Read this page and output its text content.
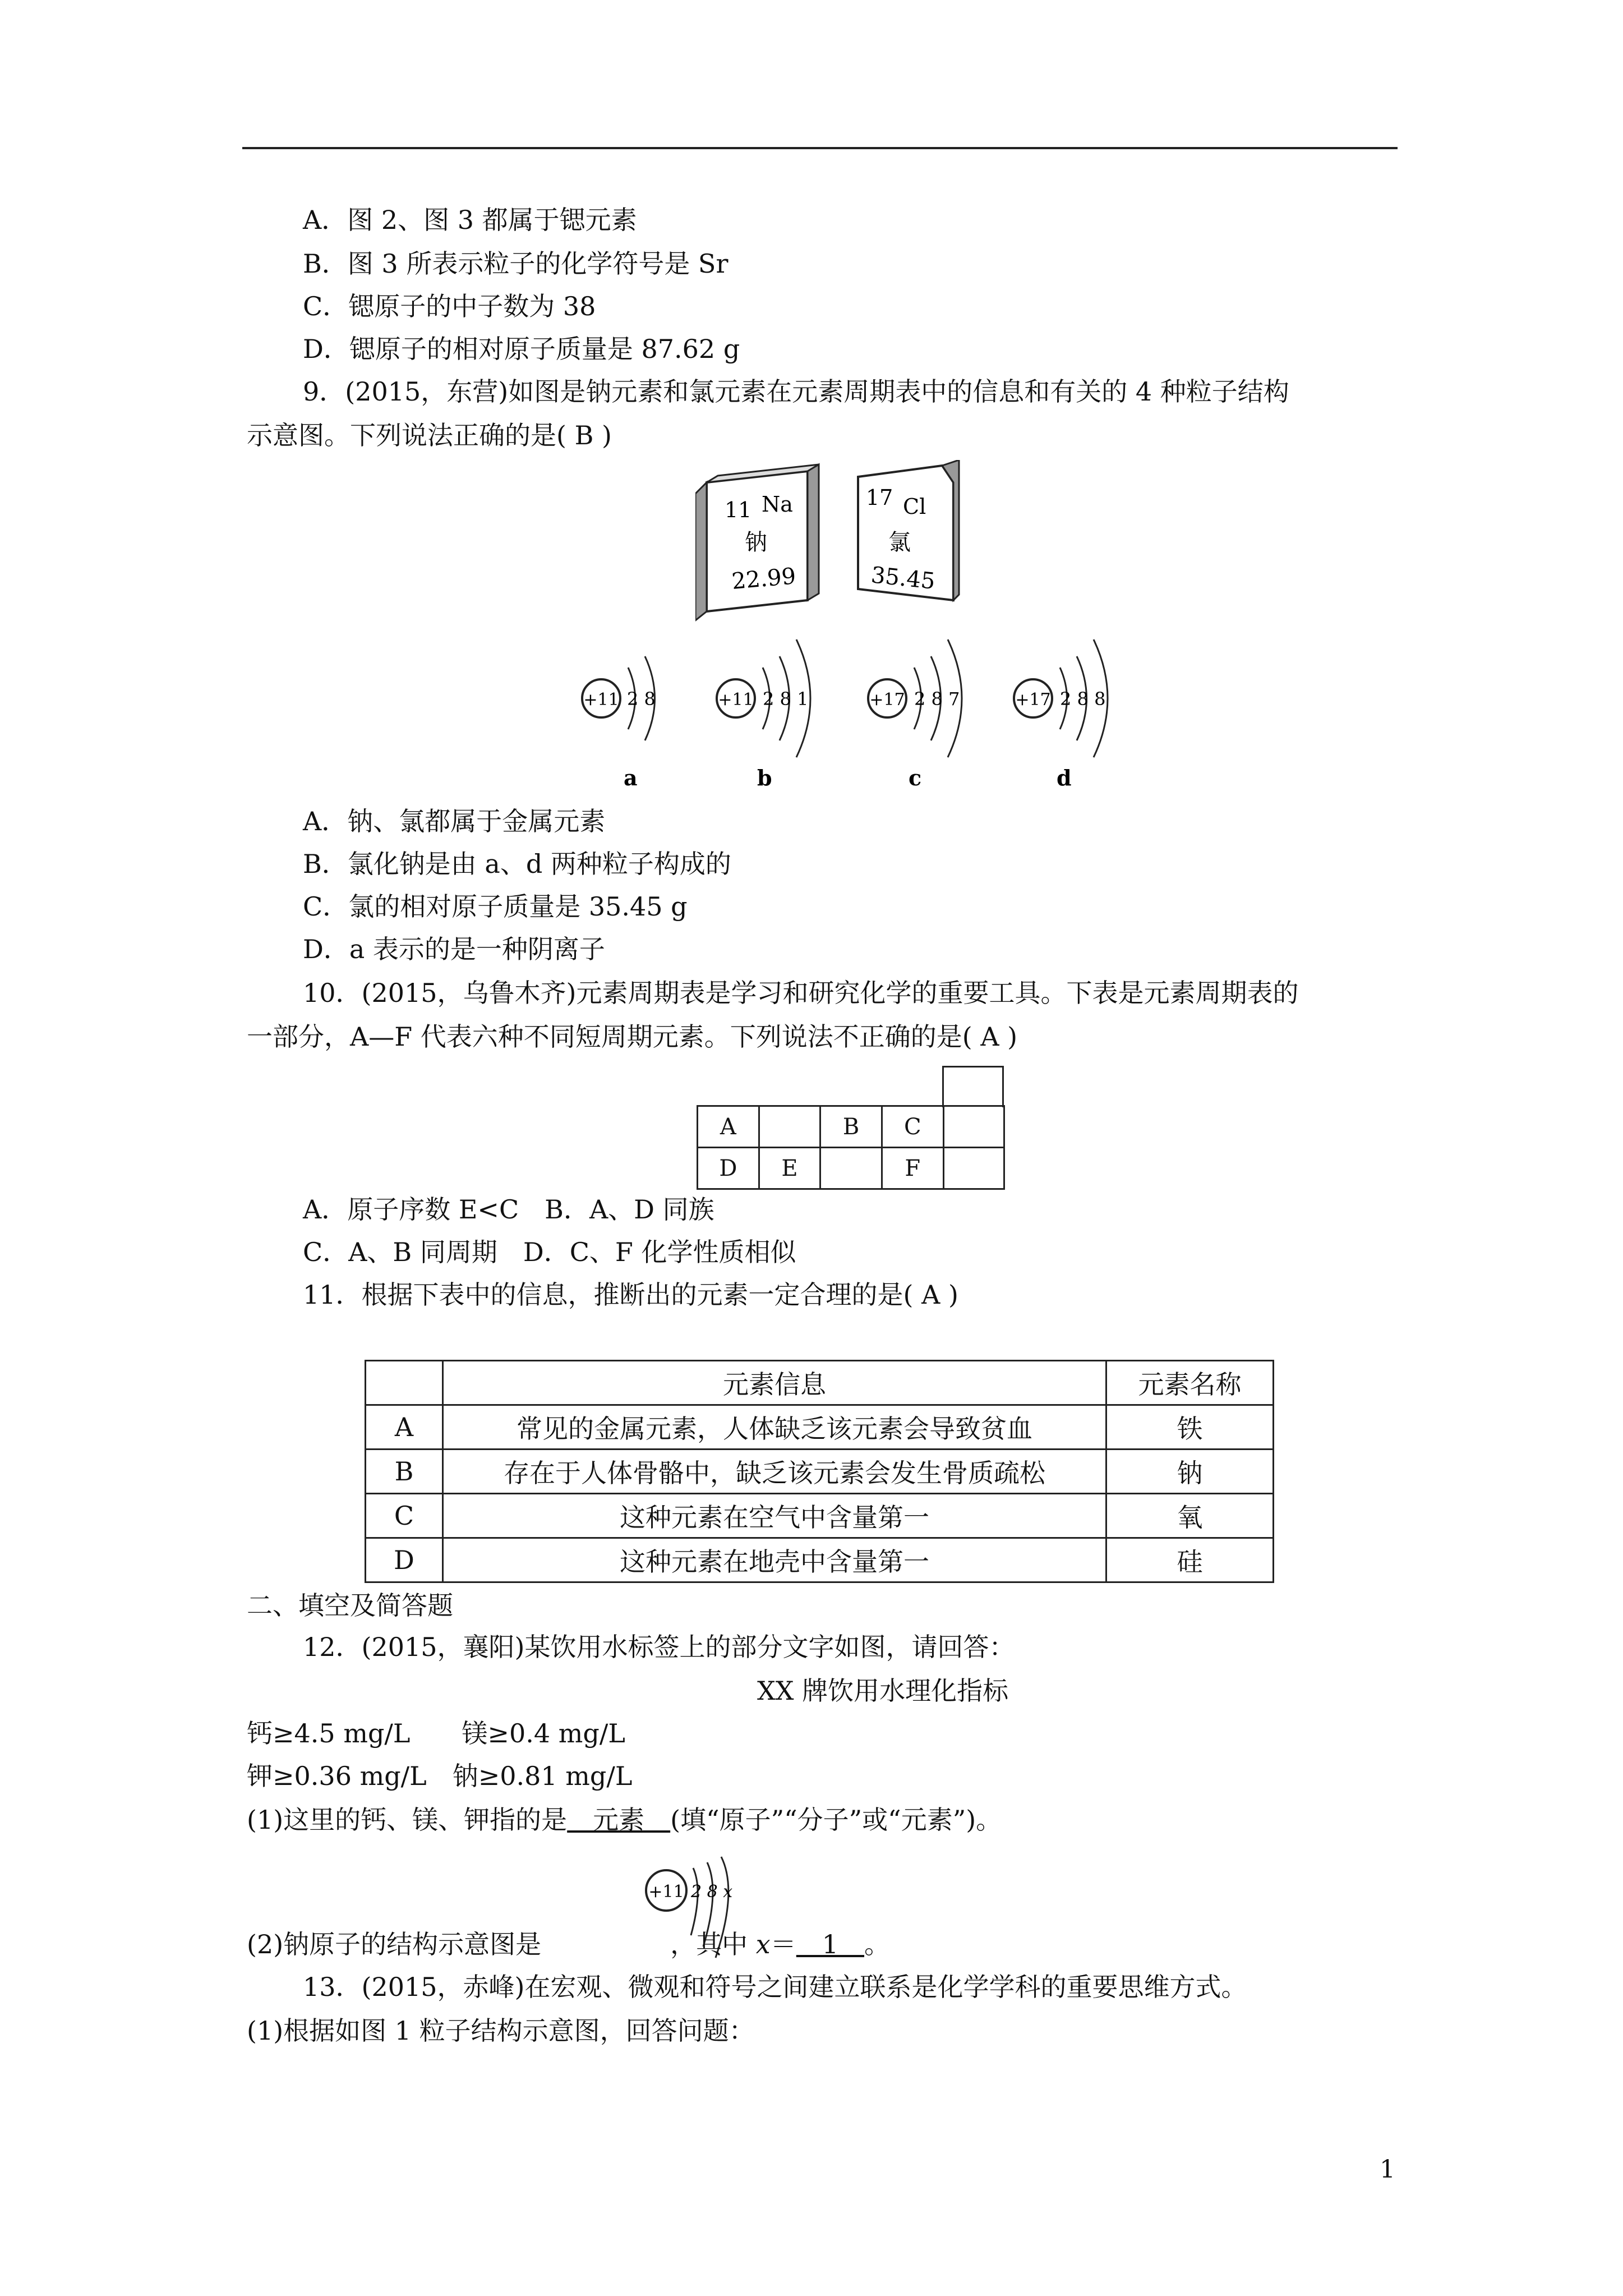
A．图 2、图 3 都属于锶元素
B．图 3 所表示粒子的化学符号是 Sr
C．锶原子的中子数为 38
D．锶原子的相对原子质量是 87.62 g
9．(2015，东营)如图是钠元素和氯元素在元素周期表中的信息和有关的 4 种粒子结构
示意图。下列说法正确的是( B )
11 Na
钠
22.99
17 Cl
氯
35.45
+11 2 8
a
+11 2 8 1
b
+17 2 8 7
c
+17 2 8 8
d
A．钠、氯都属于金属元素
B．氯化钠是由 a、d 两种粒子构成的
C．氯的相对原子质量是 35.45 g
D．a 表示的是一种阴离子
10．(2015，乌鲁木齐)元素周期表是学习和研究化学的重要工具。下表是元素周期表的
一部分，A—F 代表六种不同短周期元素。下列说法不正确的是( A )
A		B	C	
D	E		F	
A．原子序数 E<C　B．A、D 同族
C．A、B 同周期　D．C、F 化学性质相似
11．根据下表中的信息，推断出的元素一定合理的是( A )
	元素信息	元素名称
A	常见的金属元素，人体缺乏该元素会导致贫血	铁
B	存在于人体骨骼中，缺乏该元素会发生骨质疏松	钠
C	这种元素在空气中含量第一	氧
D	这种元素在地壳中含量第一	硅
二、填空及简答题
12．(2015，襄阳)某饮用水标签上的部分文字如图，请回答：
XX 牌饮用水理化指标
钙≥4.5 mg/L　　镁≥0.4 mg/L
钾≥0.36 mg/L　钠≥0.81 mg/L
(1)这里的钙、镁、钾指的是　元素　(填“原子”“分子”或“元素”)。
+11 2 8 x
(2)钠原子的结构示意图是	，其中 x＝　1　。
13．(2015，赤峰)在宏观、微观和符号之间建立联系是化学学科的重要思维方式。
(1)根据如图 1 粒子结构示意图，回答问题：
1
